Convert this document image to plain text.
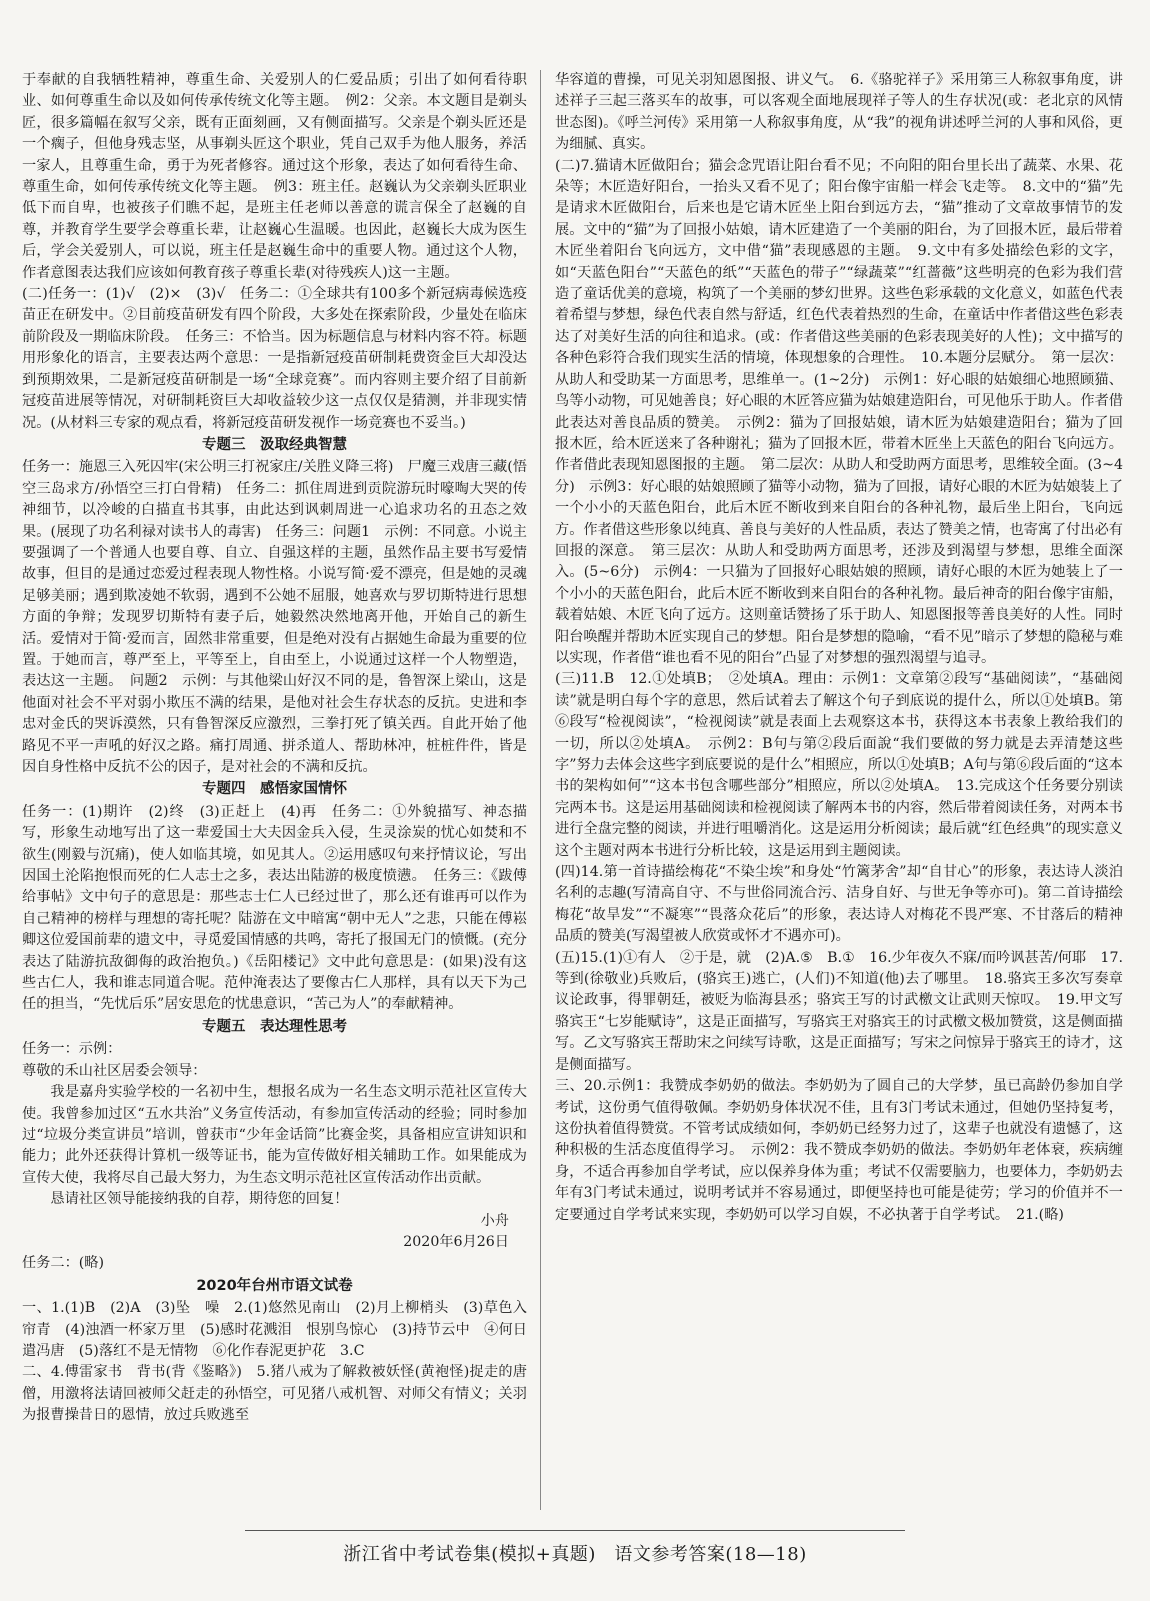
于奉献的自我牺牲精神，尊重生命、关爱别人的仁爱品质；引出了如何看待职业、如何尊重生命以及如何传承传统文化等主题。　例2：父亲。本文题目是剃头匠，很多篇幅在叙写父亲，既有正面刻画，又有侧面描写。父亲是个剃头匠还是一个瘸子，但他身残志坚，从事剃头匠这个职业，凭自己双手为他人服务，养活一家人，且尊重生命，勇于为死者修容。通过这个形象，表达了如何看待生命、尊重生命，如何传承传统文化等主题。　例3：班主任。赵巍认为父亲剃头匠职业低下而自卑，也被孩子们瞧不起，是班主任老师以善意的谎言保全了赵巍的自尊，并教育学生要学会尊重长辈，让赵巍心生温暖。也因此，赵巍长大成为医生后，学会关爱别人，可以说，班主任是赵巍生命中的重要人物。通过这个人物，作者意图表达我们应该如何教育孩子尊重长辈(对待残疾人)这一主题。

(二)任务一：(1)√　(2)×　(3)√　任务二：①全球共有100多个新冠病毒候选疫苗正在研发中。②目前疫苗研发有四个阶段，大多处在探索阶段，少量处在临床前阶段及一期临床阶段。　任务三：不恰当。因为标题信息与材料内容不符。标题用形象化的语言，主要表达两个意思：一是指新冠疫苗研制耗费资金巨大却没达到预期效果，二是新冠疫苗研制是一场“全球竞赛”。而内容则主要介绍了目前新冠疫苗进展等情况，对研制耗资巨大却收益较少这一点仅仅是猜测，并非现实情况。(从材料三专家的观点看，将新冠疫苗研发视作一场竞赛也不妥当。)

专题三　汲取经典智慧

任务一：施恩三入死囚牢(宋公明三打祝家庄/关胜义降三将)　尸魔三戏唐三藏(悟空三岛求方/孙悟空三打白骨精)　任务二：抓住周进到贡院游玩时嚎啕大哭的传神细节，以冷峻的白描直书其事，由此达到讽刺周进一心追求功名的丑态之效果。(展现了功名利禄对读书人的毒害)　任务三：问题1　示例：不同意。小说主要强调了一个普通人也要自尊、自立、自强这样的主题，虽然作品主要书写爱情故事，但目的是通过恋爱过程表现人物性格。小说写简·爱不漂亮，但是她的灵魂足够美丽；遇到欺凌她不软弱，遇到不公她不屈服，她喜欢与罗切斯特进行思想方面的争辩；发现罗切斯特有妻子后，她毅然决然地离开他，开始自己的新生活。爱情对于简·爱而言，固然非常重要，但是绝对没有占据她生命最为重要的位置。于她而言，尊严至上，平等至上，自由至上，小说通过这样一个人物塑造，表达这一主题。　问题2　示例：与其他梁山好汉不同的是，鲁智深上梁山，这是他面对社会不平对弱小欺压不满的结果，是他对社会生存状态的反抗。史进和李忠对金氏的哭诉漠然，只有鲁智深反应激烈，三拳打死了镇关西。自此开始了他路见不平一声吼的好汉之路。痛打周通、拼杀道人、帮助林冲，桩桩件件，皆是因自身性格中反抗不公的因子，是对社会的不满和反抗。

专题四　感悟家国情怀

任务一：(1)期许　(2)终　(3)正赶上　(4)再　任务二：①外貌描写、神态描写，形象生动地写出了这一辈爱国士大夫因金兵入侵，生灵涂炭的忧心如焚和不欲生(刚毅与沉痛)，使人如临其境，如见其人。②运用感叹句来抒情议论，写出因国土沦陷抱恨而死的仁人志士之多，表达出陆游的极度愤懑。　任务三：《跋傅给事帖》文中句子的意思是：那些志士仁人已经过世了，那么还有谁再可以作为自己精神的榜样与理想的寄托呢？陆游在文中暗寓“朝中无人”之悲，只能在傅崧卿这位爱国前辈的遗文中，寻觅爱国情感的共鸣，寄托了报国无门的愤慨。(充分表达了陆游抗敌御侮的政治抱负。)《岳阳楼记》文中此句意思是：(如果)没有这些古仁人，我和谁志同道合呢。范仲淹表达了要像古仁人那样，具有以天下为己任的担当，“先忧后乐”居安思危的忧患意识，“苦己为人”的奉献精神。

专题五　表达理性思考

任务一：示例：

尊敬的禾山社区居委会领导：

我是嘉舟实验学校的一名初中生，想报名成为一名生态文明示范社区宣传大使。我曾参加过区“五水共治”义务宣传活动，有参加宣传活动的经验；同时参加过“垃圾分类宣讲员”培训，曾获市“少年金话筒”比赛金奖，具备相应宣讲知识和能力；此外还获得计算机一级等证书，能为宣传做好相关辅助工作。如果能成为宣传大使，我将尽自己最大努力，为生态文明示范社区宣传活动作出贡献。

恳请社区领导能接纳我的自荐，期待您的回复！

小舟

2020年6月26日

任务二：(略)

2020年台州市语文试卷

一、1.(1)B　(2)A　(3)坠　噪　2.(1)悠然见南山　(2)月上柳梢头　(3)草色入帘青　(4)浊酒一杯家万里　(5)感时花溅泪　恨别鸟惊心　(3)持节云中　④何日遣冯唐　(5)落红不是无情物　⑥化作春泥更护花　3.C

二、4.傅雷家书　背书(背《鉴略》)　5.猪八戒为了解救被妖怪(黄袍怪)捉走的唐僧，用激将法请回被师父赶走的孙悟空，可见猪八戒机智、对师父有情义；关羽为报曹操昔日的恩情，放过兵败逃至

华容道的曹操，可见关羽知恩图报、讲义气。　6.《骆驼祥子》采用第三人称叙事角度，讲述祥子三起三落买车的故事，可以客观全面地展现祥子等人的生存状况(或：老北京的风情世态图)。《呼兰河传》采用第一人称叙事角度，从“我”的视角讲述呼兰河的人事和风俗，更为细腻、真实。

(二)7.猫请木匠做阳台；猫会念咒语让阳台看不见；不向阳的阳台里长出了蔬菜、水果、花朵等；木匠造好阳台，一抬头又看不见了；阳台像宇宙船一样会飞走等。　8.文中的“猫”先是请求木匠做阳台，后来也是它请木匠坐上阳台到远方去，“猫”推动了文章故事情节的发展。文中的“猫”为了回报小姑娘，请木匠建造了一个美丽的阳台，为了回报木匠，最后带着木匠坐着阳台飞向远方，文中借“猫”表现感恩的主题。　9.文中有多处描绘色彩的文字，如“天蓝色阳台”“天蓝色的纸”“天蓝色的带子”“绿蔬菜”“红蔷薇”这些明亮的色彩为我们营造了童话优美的意境，构筑了一个美丽的梦幻世界。这些色彩承载的文化意义，如蓝色代表着希望与梦想，绿色代表自然与舒适，红色代表着热烈的生命，在童话中作者借这些色彩表达了对美好生活的向往和追求。(或：作者借这些美丽的色彩表现美好的人性)；文中描写的各种色彩符合我们现实生活的情境，体现想象的合理性。　10.本题分层赋分。　第一层次：从助人和受助某一方面思考，思维单一。(1~2分)　示例1：好心眼的姑娘细心地照顾猫、鸟等小动物，可见她善良；好心眼的木匠答应猫为姑娘建造阳台，可见他乐于助人。作者借此表达对善良品质的赞美。　示例2：猫为了回报姑娘，请木匠为姑娘建造阳台；猫为了回报木匠，给木匠送来了各种谢礼；猫为了回报木匠，带着木匠坐上天蓝色的阳台飞向远方。作者借此表现知恩图报的主题。　第二层次：从助人和受助两方面思考，思维较全面。(3~4分)　示例3：好心眼的姑娘照顾了猫等小动物，猫为了回报，请好心眼的木匠为姑娘装上了一个小小的天蓝色阳台，此后木匠不断收到来自阳台的各种礼物，最后坐上阳台，飞向远方。作者借这些形象以纯真、善良与美好的人性品质，表达了赞美之情，也寄寓了付出必有回报的深意。　第三层次：从助人和受助两方面思考，还涉及到渴望与梦想，思维全面深入。(5~6分)　示例4：一只猫为了回报好心眼姑娘的照顾，请好心眼的木匠为她装上了一个小小的天蓝色阳台，此后木匠不断收到来自阳台的各种礼物。最后神奇的阳台像宇宙船，载着姑娘、木匠飞向了远方。这则童话赞扬了乐于助人、知恩图报等善良美好的人性。同时阳台唤醒并帮助木匠实现自己的梦想。阳台是梦想的隐喻，“看不见”暗示了梦想的隐秘与难以实现，作者借“谁也看不见的阳台”凸显了对梦想的强烈渴望与追寻。

(三)11.B　12.①处填B；　②处填A。理由：示例1：文章第②段写“基础阅读”，“基础阅读”就是明白每个字的意思，然后试着去了解这个句子到底说的提什么，所以①处填B。第⑥段写“检视阅读”，“检视阅读”就是表面上去观察这本书，获得这本书表象上教给我们的一切，所以②处填A。　示例2：B句与第②段后面說“我们要做的努力就是去弄清楚这些字”努力去体会这些字到底要说的是什么”相照应，所以①处填B；A句与第⑥段后面的“这本书的架构如何”“这本书包含哪些部分”相照应，所以②处填A。　13.完成这个任务要分别读完两本书。这是运用基础阅读和检视阅读了解两本书的内容，然后带着阅读任务，对两本书进行全盘完整的阅读，并进行咀嚼消化。这是运用分析阅读；最后就“红色经典”的现实意义这个主题对两本书进行分析比较，这是运用到主题阅读。

(四)14.第一首诗描绘梅花“不染尘埃”和身处“竹篱茅舍”却“自甘心”的形象，表达诗人淡泊名利的志趣(写清高自守、不与世俗同流合污、洁身自好、与世无争等亦可)。第二首诗描绘梅花“故旱发”“不凝寒”“畏落众花后”的形象，表达诗人对梅花不畏严寒、不甘落后的精神品质的赞美(写渴望被人欣赏或怀才不遇亦可)。

(五)15.(1)①有人　②于是，就　(2)A.⑤　B.①　16.少年夜久不寐/而吟讽甚苦/何耶　17.等到(徐敬业)兵败后，(骆宾王)逃亡，(人们)不知道(他)去了哪里。　18.骆宾王多次写奏章议论政事，得罪朝廷，被贬为临海县丞；骆宾王写的讨武檄文让武则天惊叹。　19.甲文写骆宾王“七岁能赋诗”，这是正面描写，写骆宾王对骆宾王的讨武檄文极加赞赏，这是侧面描写。乙文写骆宾王帮助宋之问续写诗歌，这是正面描写；写宋之问惊异于骆宾王的诗才，这是侧面描写。

三、20.示例1：我赞成李奶奶的做法。李奶奶为了圆自己的大学梦，虽已高龄仍参加自学考试，这份勇气值得敬佩。李奶奶身体状况不佳，且有3门考试未通过，但她仍坚持复考，这份执着值得赞赏。不管考试成绩如何，李奶奶已经努力过了，这辈子也就没有遗憾了，这种积极的生活态度值得学习。　示例2：我不赞成李奶奶的做法。李奶奶年老体衰，疾病缠身，不适合再参加自学考试，应以保养身体为重；考试不仅需要脑力，也要体力，李奶奶去年有3门考试未通过，说明考试并不容易通过，即便坚持也可能是徒劳；学习的价值并不一定要通过自学考试来实现，李奶奶可以学习自娱，不必执著于自学考试。　21.(略)

浙江省中考试卷集(模拟+真题)　语文参考答案(18—18)
